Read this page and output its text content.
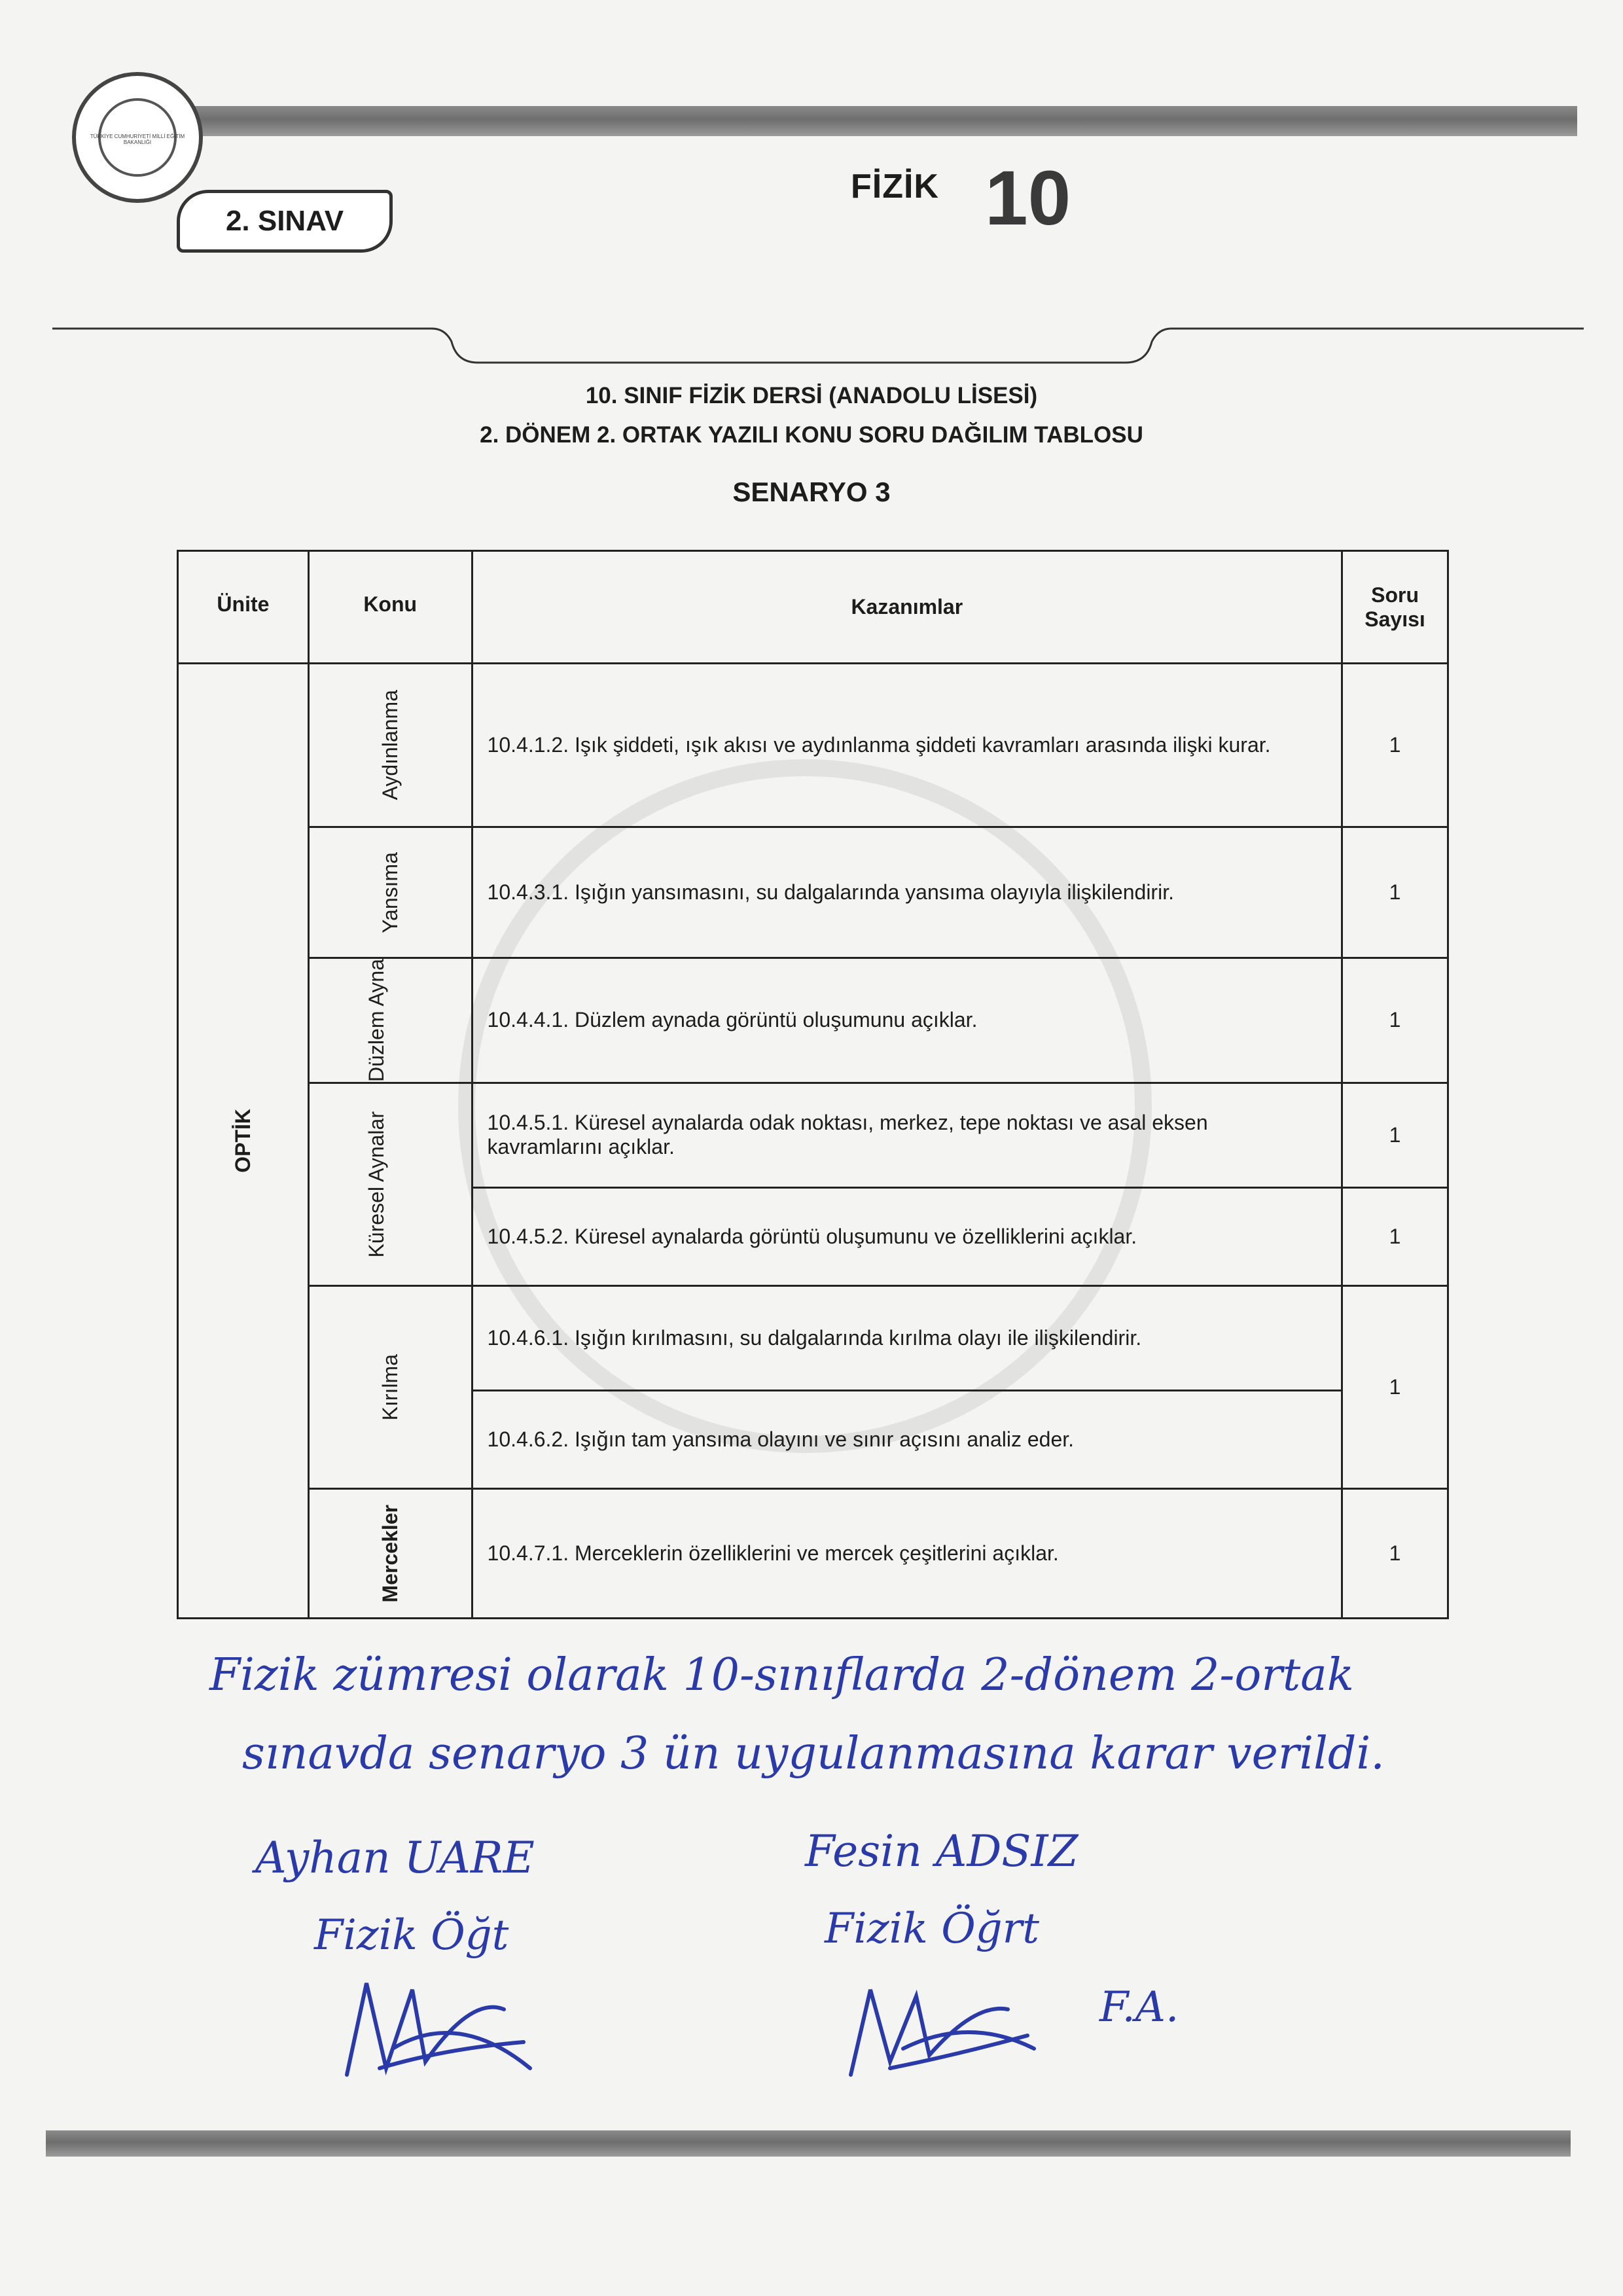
TÜRKİYE CUMHURİYETİ MİLLİ EĞİTİM BAKANLIĞI
2. SINAV
FİZİK 10
10. SINIF FİZİK DERSİ (ANADOLU LİSESİ)
2. DÖNEM 2. ORTAK YAZILI KONU SORU DAĞILIM TABLOSU
SENARYO 3
Ünite	Konu	Kazanımlar	Soru Sayısı

OPTİK	Aydınlanma	10.4.1.2. Işık şiddeti, ışık akısı ve aydınlanma şiddeti kavramları arasında ilişki kurar.	1

	Yansıma	10.4.3.1. Işığın yansımasını, su dalgalarında yansıma olayıyla ilişkilendirir.	1

	Düzlem Ayna	10.4.4.1. Düzlem aynada görüntü oluşumunu açıklar.	1

	Küresel Aynalar	10.4.5.1. Küresel aynalarda odak noktası, merkez, tepe noktası ve asal eksen kavramlarını açıklar.	1
		10.4.5.2. Küresel aynalarda görüntü oluşumunu ve özelliklerini açıklar.	1

	Kırılma	10.4.6.1. Işığın kırılmasını, su dalgalarında kırılma olayı ile ilişkilendirir.	1
		10.4.6.2. Işığın tam yansıma olayını ve sınır açısını analiz eder.	

	Mercekler	10.4.7.1. Merceklerin özelliklerini ve mercek çeşitlerini açıklar.	1
Fizik zümresi olarak 10-sınıflarda 2-dönem 2-ortak
sınavda senaryo 3 ün uygulanmasına karar verildi.
Ayhan UARE
Fizik Öğt
Fesin ADSIZ
Fizik Öğrt
F.A.
